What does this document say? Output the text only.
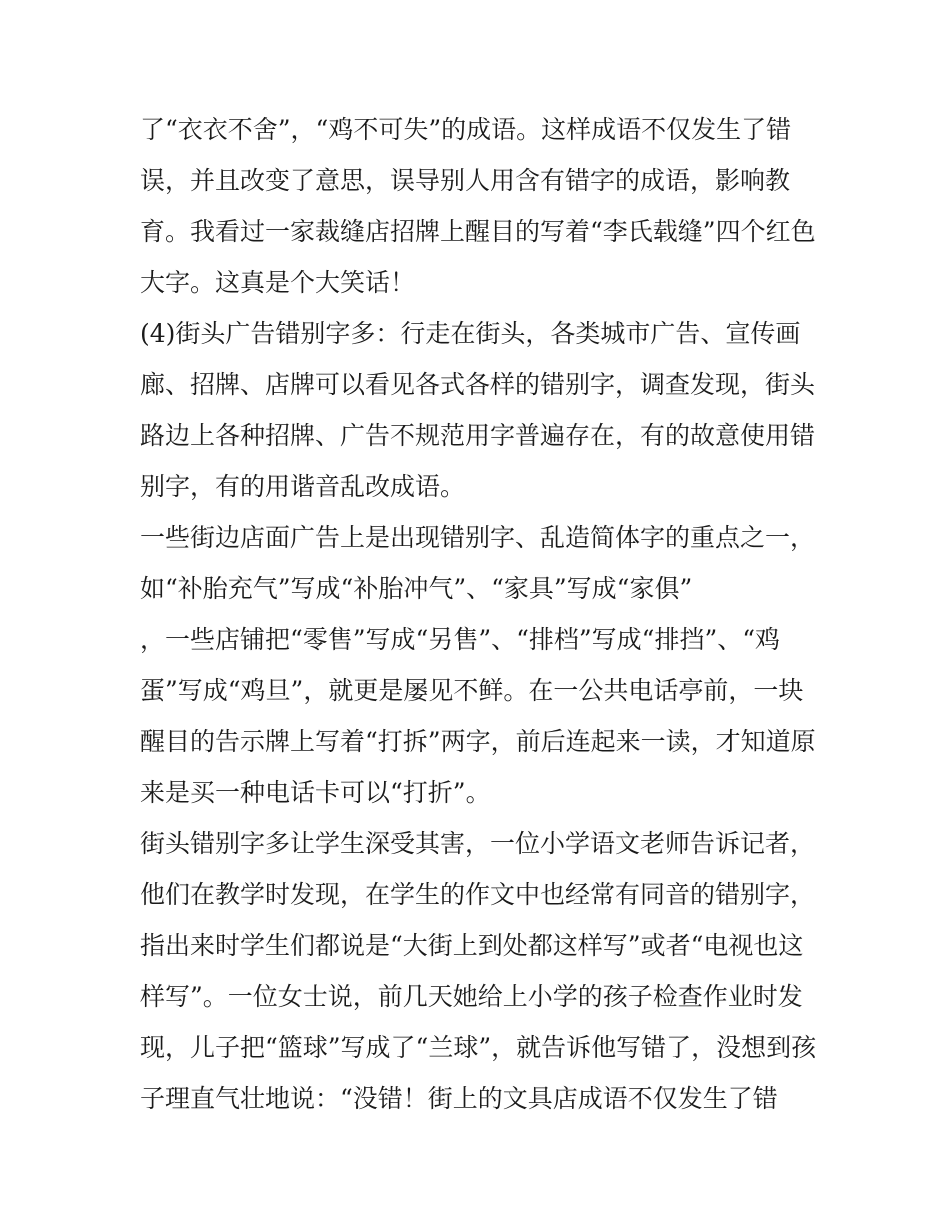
了“衣衣不舍”，“鸡不可失”的成语。这样成语不仅发生了错
误，并且改变了意思，误导别人用含有错字的成语，影响教
育。我看过一家裁缝店招牌上醒目的写着“李氏载缝”四个红色
大字。这真是个大笑话！
(4)街头广告错别字多：行走在街头，各类城市广告、宣传画
廊、招牌、店牌可以看见各式各样的错别字，调查发现，街头
路边上各种招牌、广告不规范用字普遍存在，有的故意使用错
别字，有的用谐音乱改成语。
一些街边店面广告上是出现错别字、乱造简体字的重点之一，
如“补胎充气”写成“补胎冲气”、“家具”写成“家俱”
，一些店铺把“零售”写成“另售”、“排档”写成“排挡”、“鸡
蛋”写成“鸡旦”，就更是屡见不鲜。在一公共电话亭前，一块
醒目的告示牌上写着“打拆”两字，前后连起来一读，才知道原
来是买一种电话卡可以“打折”。
街头错别字多让学生深受其害，一位小学语文老师告诉记者，
他们在教学时发现，在学生的作文中也经常有同音的错别字，
指出来时学生们都说是“大街上到处都这样写”或者“电视也这
样写”。一位女士说，前几天她给上小学的孩子检查作业时发
现，儿子把“篮球”写成了“兰球”，就告诉他写错了，没想到孩
子理直气壮地说：“没错！街上的文具店成语不仅发生了错
